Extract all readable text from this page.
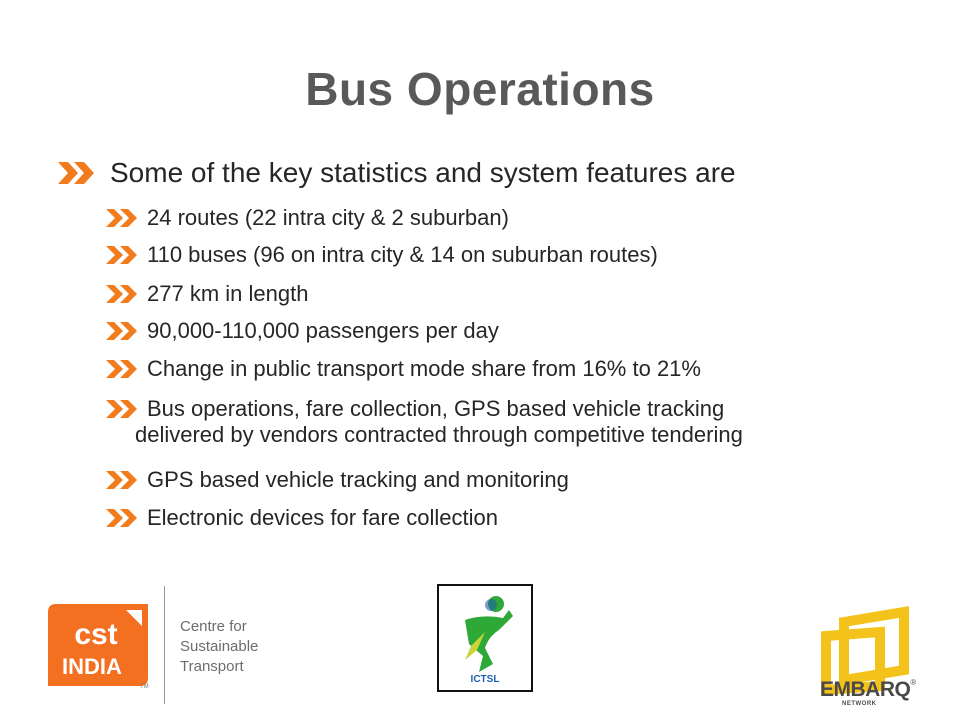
Bus Operations
Some of the key statistics and system features are
24 routes (22 intra city & 2 suburban)
110 buses (96 on intra city & 14 on suburban routes)
277 km in length
90,000-110,000 passengers per day
Change in public transport mode share from 16% to 21%
Bus operations, fare collection, GPS based vehicle tracking
delivered by vendors contracted through competitive tendering
GPS based vehicle tracking and monitoring
Electronic devices for fare collection
cst
INDIA
TM
Centre for
Sustainable
Transport
ICTSL	EMBARQ®
NETWORK
